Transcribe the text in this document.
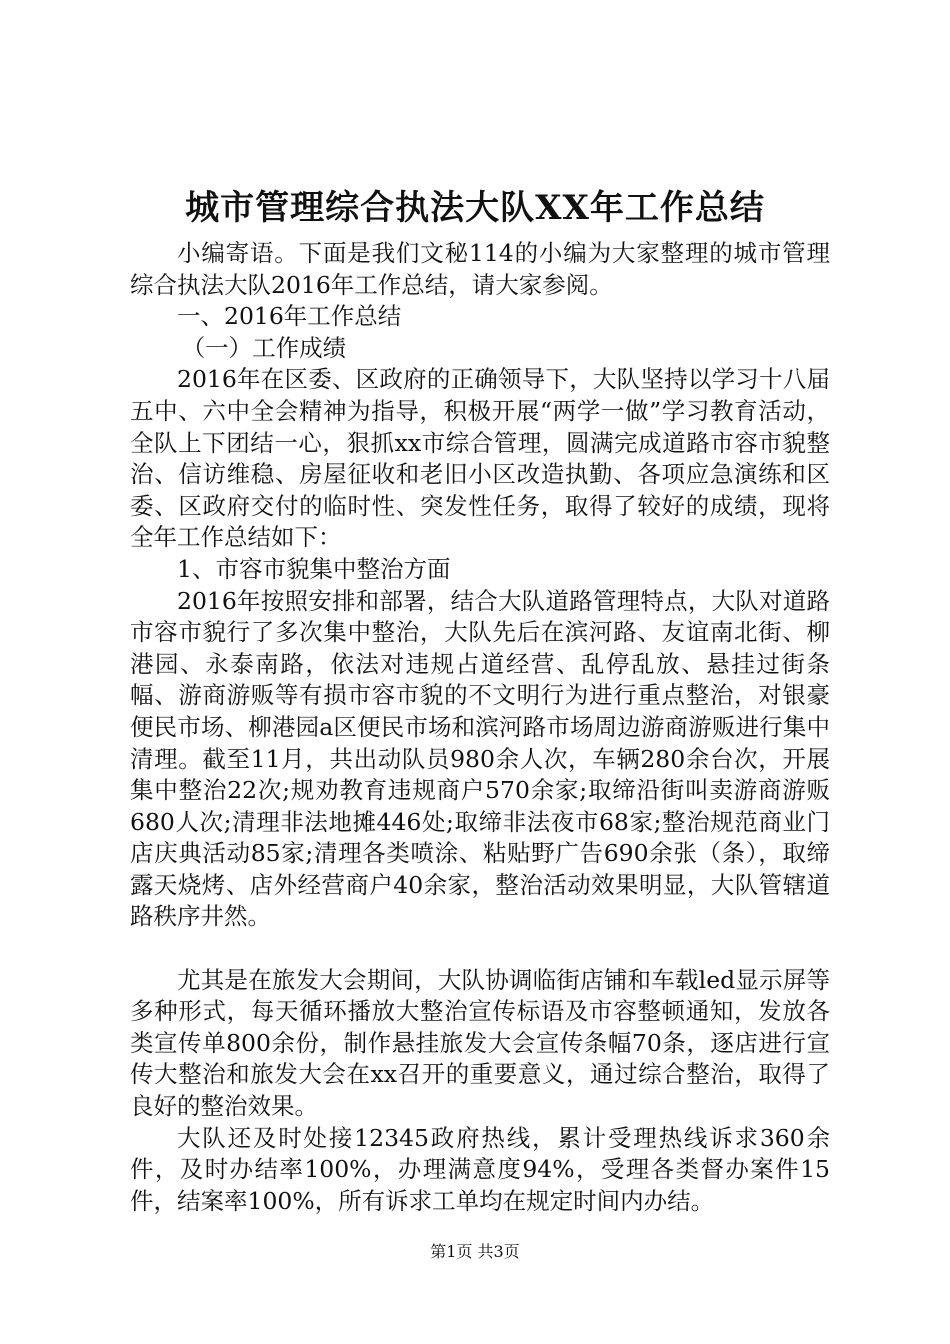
城市管理综合执法大队XX年工作总结

小编寄语。下面是我们文秘114的小编为大家整理的城市管理综合执法大队2016年工作总结，请大家参阅。

一、2016年工作总结

（一）工作成绩

2016年在区委、区政府的正确领导下，大队坚持以学习十八届五中、六中全会精神为指导，积极开展“两学一做”学习教育活动，全队上下团结一心，狠抓xx市综合管理，圆满完成道路市容市貌整治、信访维稳、房屋征收和老旧小区改造执勤、各项应急演练和区委、区政府交付的临时性、突发性任务，取得了较好的成绩，现将全年工作总结如下：

1、市容市貌集中整治方面

2016年按照安排和部署，结合大队道路管理特点，大队对道路市容市貌行了多次集中整治，大队先后在滨河路、友谊南北街、柳港园、永泰南路，依法对违规占道经营、乱停乱放、悬挂过街条幅、游商游贩等有损市容市貌的不文明行为进行重点整治，对银豪便民市场、柳港园a区便民市场和滨河路市场周边游商游贩进行集中清理。截至11月，共出动队员980余人次，车辆280余台次，开展集中整治22次;规劝教育违规商户570余家;取缔沿街叫卖游商游贩680人次;清理非法地摊446处;取缔非法夜市68家;整治规范商业门店庆典活动85家;清理各类喷涂、粘贴野广告690余张（条），取缔露天烧烤、店外经营商户40余家，整治活动效果明显，大队管辖道路秩序井然。

尤其是在旅发大会期间，大队协调临街店铺和车载led显示屏等多种形式，每天循环播放大整治宣传标语及市容整顿通知，发放各类宣传单800余份，制作悬挂旅发大会宣传条幅70条，逐店进行宣传大整治和旅发大会在xx召开的重要意义，通过综合整治，取得了良好的整治效果。

大队还及时处接12345政府热线，累计受理热线诉求360余件，及时办结率100%，办理满意度94%，受理各类督办案件15件，结案率100%，所有诉求工单均在规定时间内办结。

第1页 共3页
